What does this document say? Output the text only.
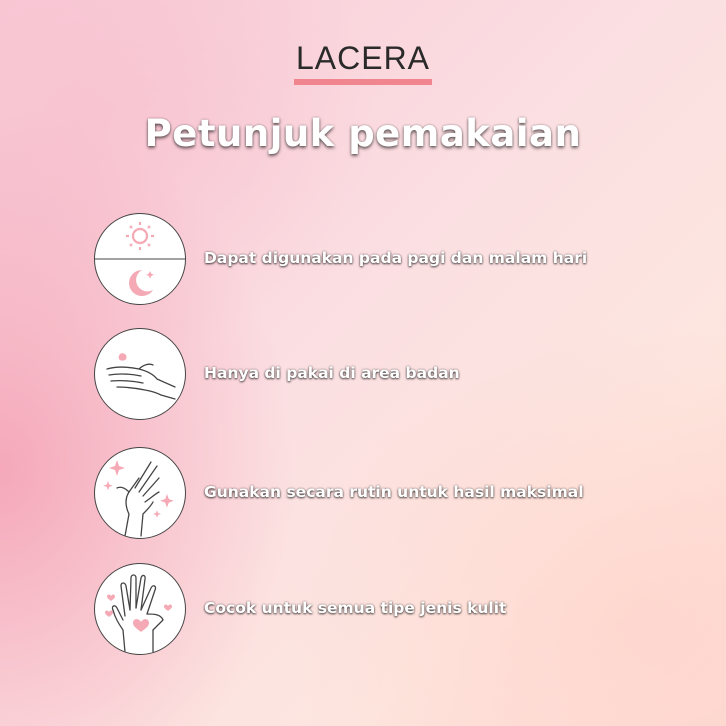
LACERA
Petunjuk pemakaian
Dapat digunakan pada pagi dan malam hari
Hanya di pakai di area badan
Gunakan secara rutin untuk hasil maksimal
Cocok untuk semua tipe jenis kulit
